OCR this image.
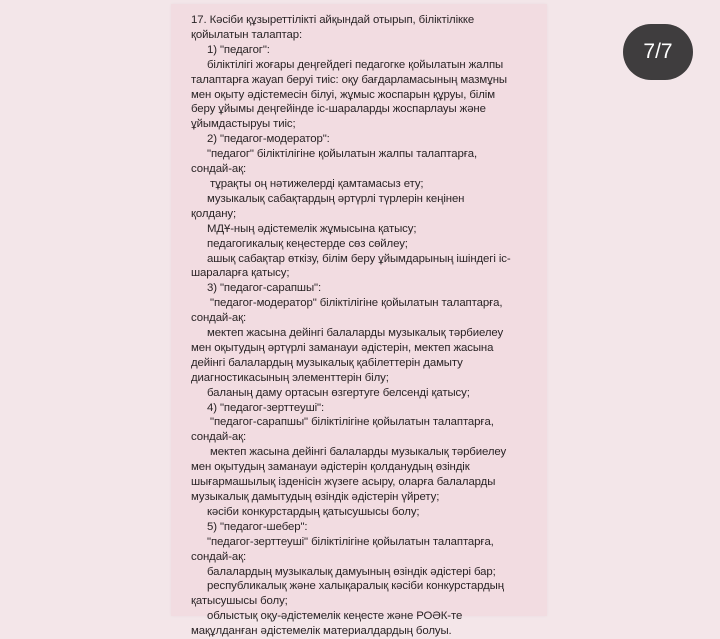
17. Кәсіби құзыреттілікті айқындай отырып, біліктілікке
қойылатын талаптар:
1) "педагог":
біліктілігі жоғары деңгейдегі педагогке қойылатын жалпы
талаптарға жауап беруі тиіс: оқу бағдарламасының мазмұны
мен оқыту әдістемесін білуі, жұмыс жоспарын құруы, білім
беру ұйымы деңгейінде іс-шараларды жоспарлауы және
ұйымдастыруы тиіс;
2) "педагог-модератор":
"педагог" біліктілігіне қойылатын жалпы талаптарға,
сондай-ақ:
тұрақты оң нәтижелерді қамтамасыз ету;
музыкалық сабақтардың әртүрлі түрлерін кеңінен
қолдану;
МДҰ-ның әдістемелік жұмысына қатысу;
педагогикалық кеңестерде сөз сөйлеу;
ашық сабақтар өткізу, білім беру ұйымдарының ішіндегі іс-
шараларға қатысу;
3) "педагог-сарапшы":
"педагог-модератор" біліктілігіне қойылатын талаптарға,
сондай-ақ:
мектеп жасына дейінгі балаларды музыкалық тәрбиелеу
мен оқытудың әртүрлі заманауи әдістерін, мектеп жасына
дейінгі балалардың музыкалық қабілеттерін дамыту
диагностикасының элементтерін білу;
баланың даму ортасын өзгертуге белсенді қатысу;
4) "педагог-зерттеуші":
"педагог-сарапшы" біліктілігіне қойылатын талаптарға,
сондай-ақ:
мектеп жасына дейінгі балаларды музыкалық тәрбиелеу
мен оқытудың заманауи әдістерін қолданудың өзіндік
шығармашылық ізденісін жүзеге асыру, оларға балаларды
музыкалық дамытудың өзіндік әдістерін үйрету;
кәсіби конкурстардың қатысушысы болу;
5) "педагог-шебер":
"педагог-зерттеуші" біліктілігіне қойылатын талаптарға,
сондай-ақ:
балалардың музыкалық дамуының өзіндік әдістері бар;
республикалық және халықаралық кәсіби конкурстардың
қатысушысы болу;
облыстық оқу-әдістемелік кеңесте және РОӘК-те
мақұлданған әдістемелік материалдардың болуы.
7/7
